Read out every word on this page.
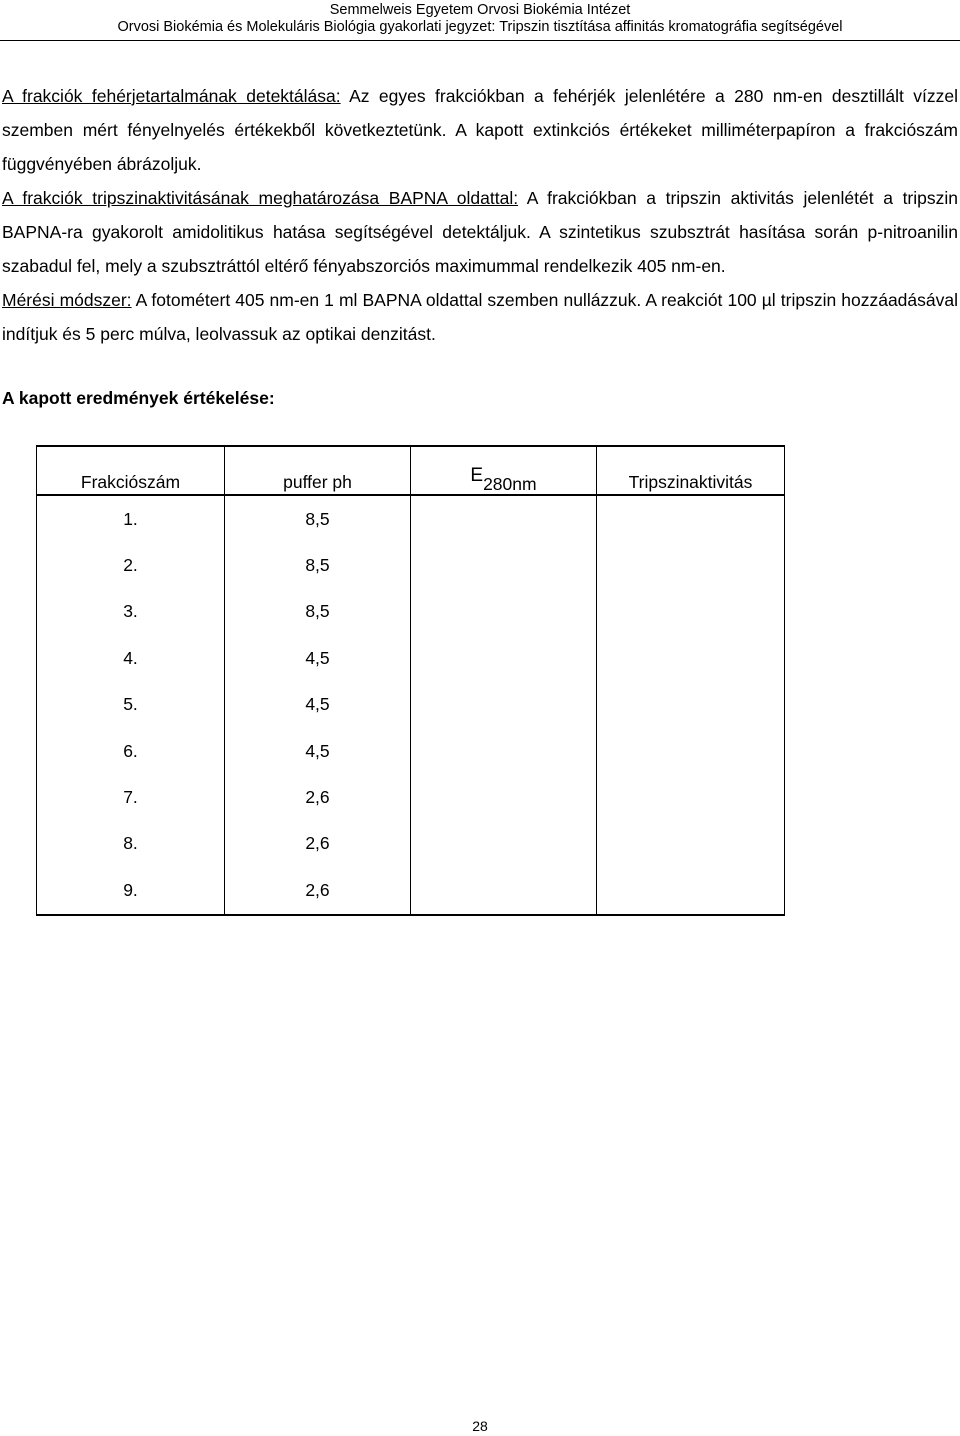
Semmelweis Egyetem Orvosi Biokémia Intézet
Orvosi Biokémia és Molekuláris Biológia gyakorlati jegyzet: Tripszin tisztítása affinitás kromatográfia segítségével
A frakciók fehérjetartalmának detektálása: Az egyes frakciókban a fehérjék jelenlétére a 280 nm-en desztillált vízzel szemben mért fényelnyelés értékekből következtetünk. A kapott extinkciós értékeket milliméterpapíron a frakciószám függvényében ábrázoljuk.
A frakciók tripszinaktivitásának meghatározása BAPNA oldattal: A frakciókban a tripszin aktivitás jelenlétét a tripszin BAPNA-ra gyakorolt amidolitikus hatása segítségével detektáljuk. A szintetikus szubsztrát hasítása során p-nitroanilin szabadul fel, mely a szubsztráttól eltérő fényabszorciós maximummal rendelkezik 405 nm-en.
Mérési módszer: A fotométert 405 nm-en 1 ml BAPNA oldattal szemben nullázzuk. A reakciót 100 µl tripszin hozzáadásával indítjuk és 5 perc múlva, leolvassuk az optikai denzitást.
A kapott eredmények értékelése:
Frakciószám	puffer ph	E280nm	Tripszinaktivitás
1.	8,5		
2.	8,5		
3.	8,5		
4.	4,5		
5.	4,5		
6.	4,5		
7.	2,6		
8.	2,6		
9.	2,6		
28
